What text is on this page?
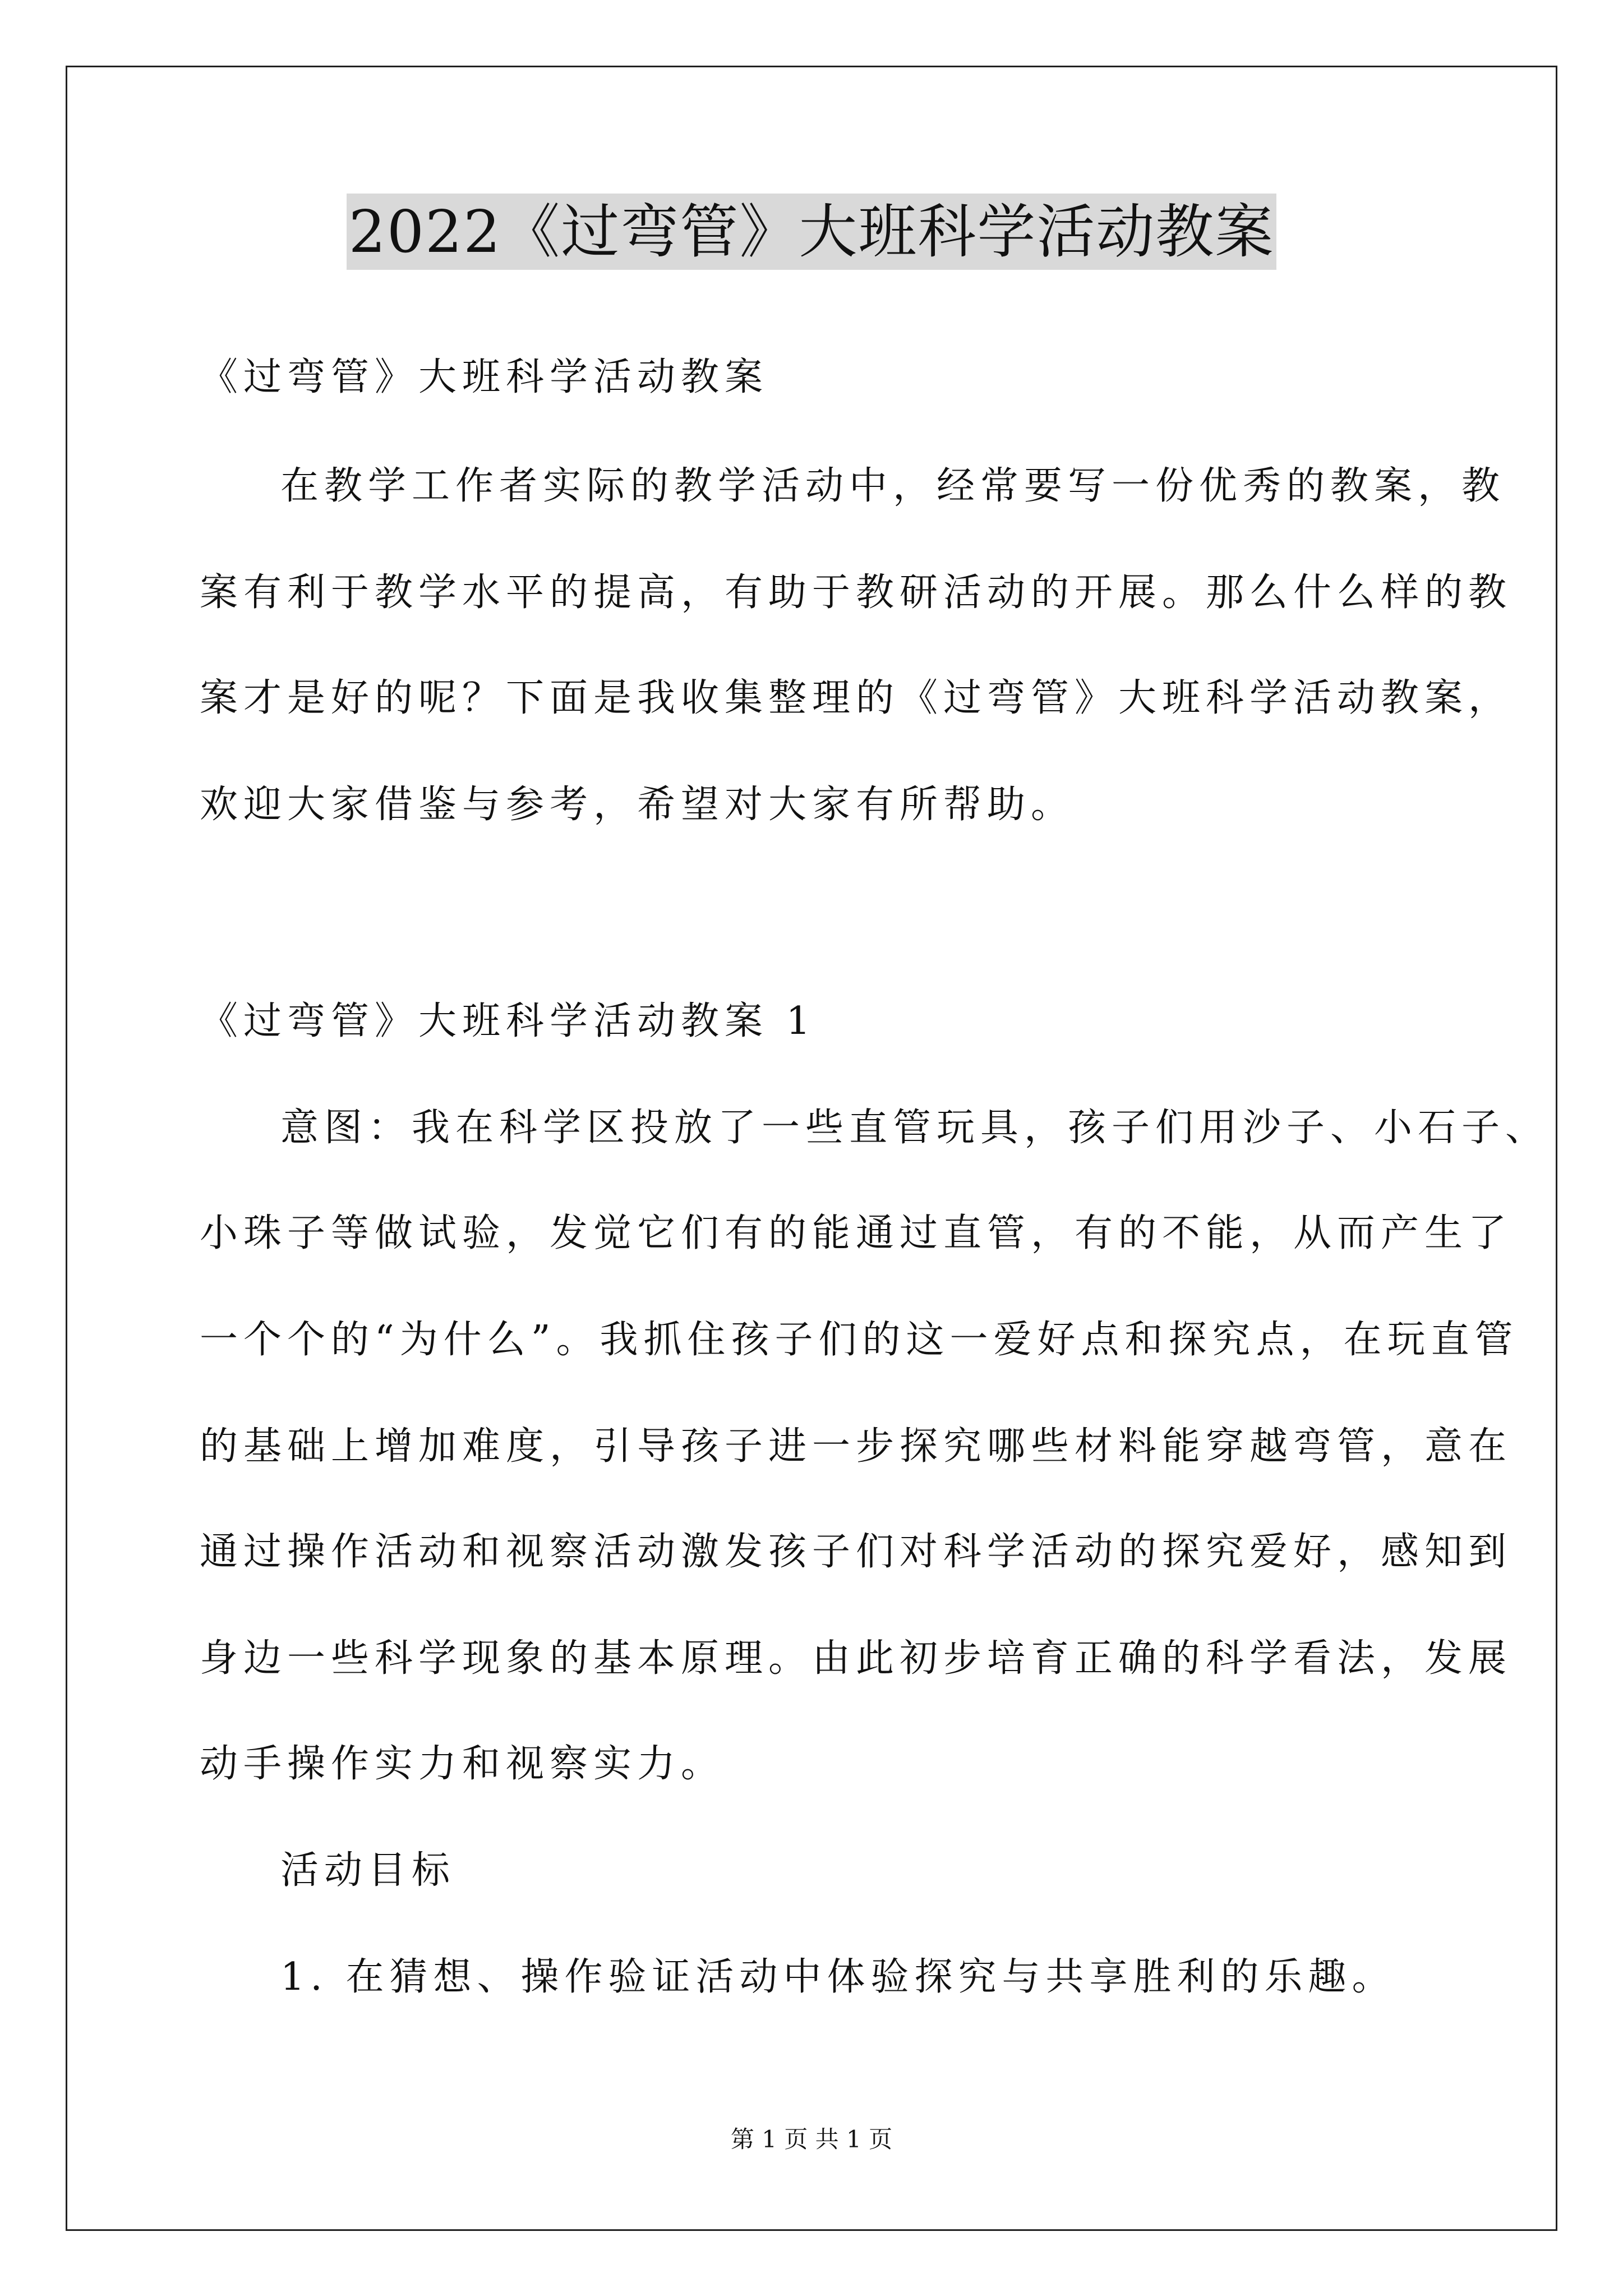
2022《过弯管》大班科学活动教案
《过弯管》大班科学活动教案
在教学工作者实际的教学活动中，经常要写一份优秀的教案，教
案有利于教学水平的提高，有助于教研活动的开展。那么什么样的教
案才是好的呢？下面是我收集整理的《过弯管》大班科学活动教案，
欢迎大家借鉴与参考，希望对大家有所帮助。
《过弯管》大班科学活动教案 1
意图：我在科学区投放了一些直管玩具，孩子们用沙子、小石子、
小珠子等做试验，发觉它们有的能通过直管，有的不能，从而产生了
一个个的“为什么”。我抓住孩子们的这一爱好点和探究点，在玩直管
的基础上增加难度，引导孩子进一步探究哪些材料能穿越弯管，意在
通过操作活动和视察活动激发孩子们对科学活动的探究爱好，感知到
身边一些科学现象的基本原理。由此初步培育正确的科学看法，发展
动手操作实力和视察实力。
活动目标
1. 在猜想、操作验证活动中体验探究与共享胜利的乐趣。
第 1 页 共 1 页
